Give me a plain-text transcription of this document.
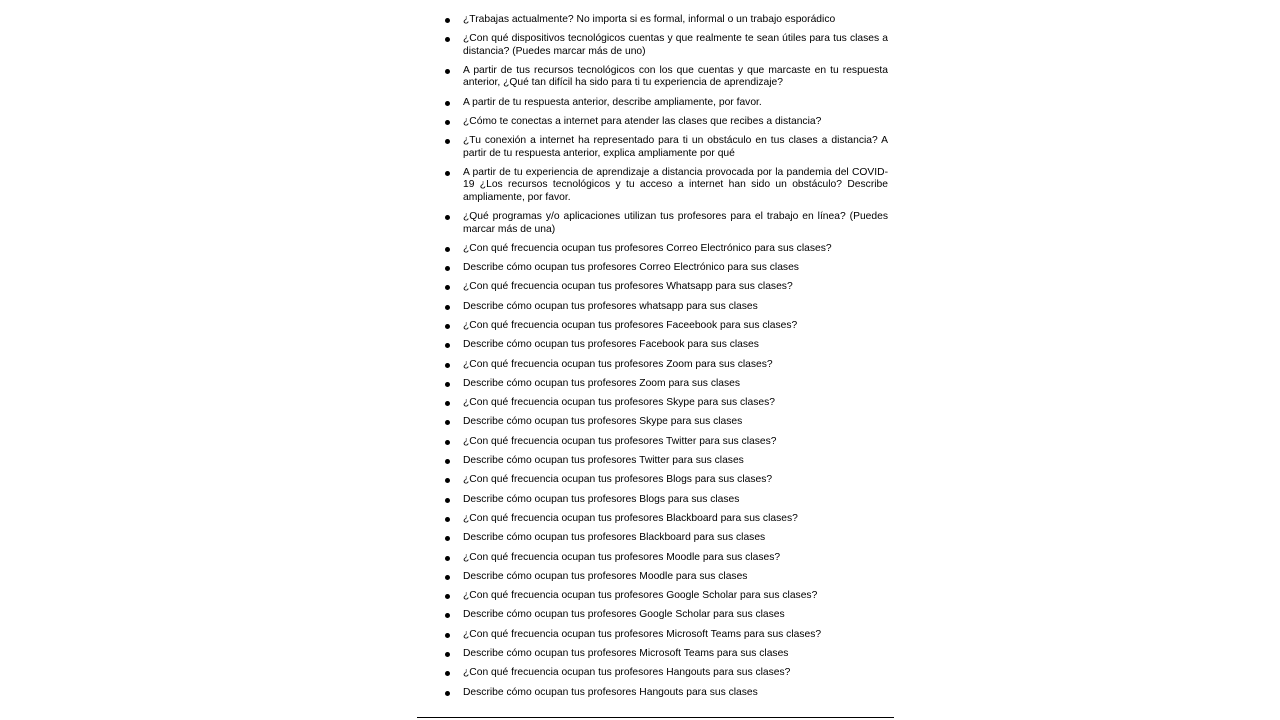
¿Trabajas actualmente? No importa si es formal, informal o un trabajo esporádico
¿Con qué dispositivos tecnológicos cuentas y que realmente te sean útiles para tus clases a distancia? (Puedes marcar más de uno)
A partir de tus recursos tecnológicos con los que cuentas y que marcaste en tu respuesta anterior, ¿Qué tan difícil ha sido para ti tu experiencia de aprendizaje?
A partir de tu respuesta anterior, describe ampliamente, por favor.
¿Cómo te conectas a internet para atender las clases que recibes a distancia?
¿Tu conexión a internet ha representado para ti un obstáculo en tus clases a distancia? A partir de tu respuesta anterior, explica ampliamente por qué
A partir de tu experiencia de aprendizaje a distancia provocada por la pandemia del COVID-19 ¿Los recursos tecnológicos y tu acceso a internet han sido un obstáculo? Describe ampliamente, por favor.
¿Qué programas y/o aplicaciones utilizan tus profesores para el trabajo en línea? (Puedes marcar más de una)
¿Con qué frecuencia ocupan tus profesores Correo Electrónico para sus clases?
Describe cómo ocupan tus profesores Correo Electrónico para sus clases
¿Con qué frecuencia ocupan tus profesores Whatsapp para sus clases?
Describe cómo ocupan tus profesores whatsapp para sus clases
¿Con qué frecuencia ocupan tus profesores Faceebook para sus clases?
Describe cómo ocupan tus profesores Facebook para sus clases
¿Con qué frecuencia ocupan tus profesores Zoom para sus clases?
Describe cómo ocupan tus profesores Zoom para sus clases
¿Con qué frecuencia ocupan tus profesores Skype para sus clases?
Describe cómo ocupan tus profesores Skype para sus clases
¿Con qué frecuencia ocupan tus profesores Twitter para sus clases?
Describe cómo ocupan tus profesores Twitter para sus clases
¿Con qué frecuencia ocupan tus profesores Blogs para sus clases?
Describe cómo ocupan tus profesores Blogs para sus clases
¿Con qué frecuencia ocupan tus profesores Blackboard para sus clases?
Describe cómo ocupan tus profesores Blackboard para sus clases
¿Con qué frecuencia ocupan tus profesores Moodle para sus clases?
Describe cómo ocupan tus profesores Moodle para sus clases
¿Con qué frecuencia ocupan tus profesores Google Scholar para sus clases?
Describe cómo ocupan tus profesores Google Scholar para sus clases
¿Con qué frecuencia ocupan tus profesores Microsoft Teams para sus clases?
Describe cómo ocupan tus profesores Microsoft Teams para sus clases
¿Con qué frecuencia ocupan tus profesores Hangouts para sus clases?
Describe cómo ocupan tus profesores Hangouts para sus clases
